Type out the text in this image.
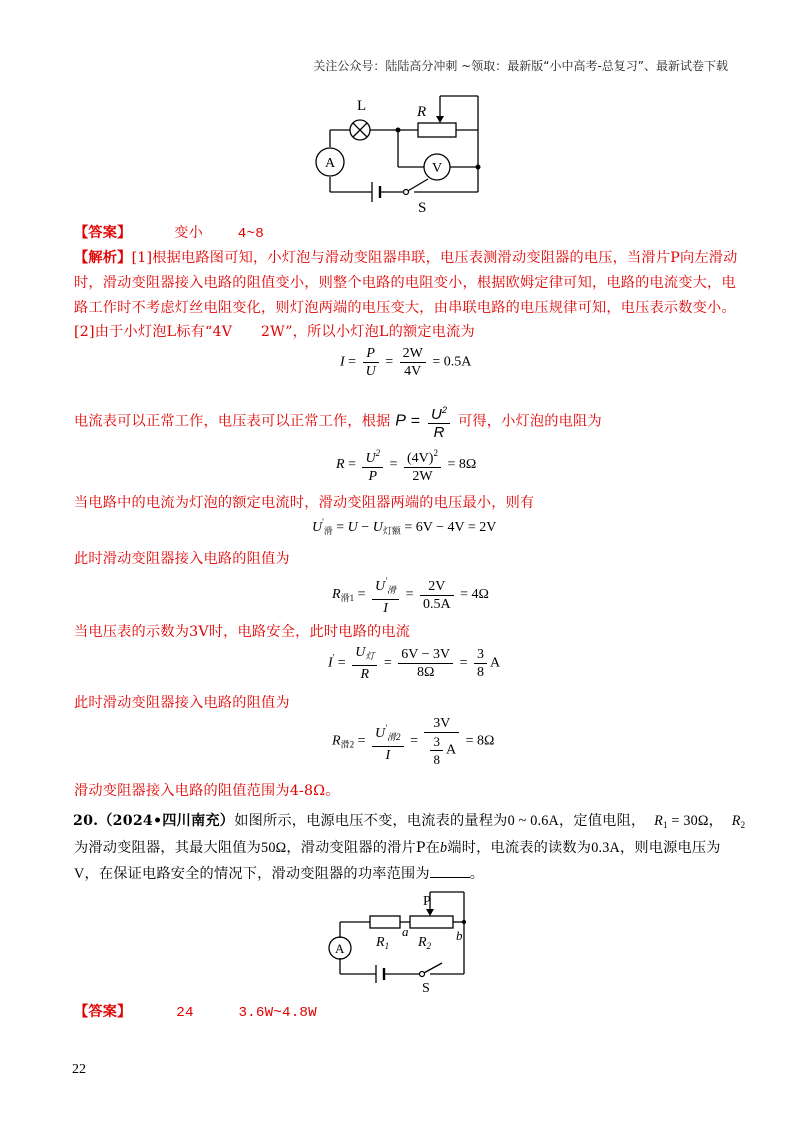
关注公众号：陆陆高分冲刺 ~领取：最新版“小中高考-总复习”、最新试卷下载
L	R
A	V
S
【答案】	变小 4~8
【解析】[1]根据电路图可知，小灯泡与滑动变阻器串联，电压表测滑动变阻器的电压，当滑片P向左滑动
时，滑动变阻器接入电路的阻值变小，则整个电路的电阻变小，根据欧姆定律可知，电路的电流变大，电
路工作时不考虑灯丝电阻变化，则灯泡两端的电压变大，由串联电路的电压规律可知，电压表示数变小。
[2]由于小灯泡L标有“4V　　2W”，所以小灯泡L的额定电流为
$I = \frac{P}{U} = \frac{2W}{4V} = 0.5A$
电流表可以正常工作，电压表可以正常工作，根据 $P = \frac{U^2}{R}$ 可得，小灯泡的电阻为
$R = \frac{U^2}{P} = \frac{(4V)^2}{2W} = 8\Omega$
当电路中的电流为灯泡的额定电流时，滑动变阻器两端的电压最小，则有
$U'_滑 = U - U_{灯额} = 6V - 4V = 2V$
此时滑动变阻器接入电路的阻值为
$R_{滑1} = \frac{U'_滑}{I} = \frac{2V}{0.5A} = 4\Omega$
当电压表的示数为3V时，电路安全，此时电路的电流
$I' = \frac{U_灯}{R} = \frac{6V - 3V}{8\Omega} = \frac{3}{8}$ A
此时滑动变阻器接入电路的阻值为
$R_{滑2} = \frac{U'_{滑2}}{I} = \frac{3V}{\frac{3}{8} A} = 8\Omega$
滑动变阻器接入电路的阻值范围为4-8Ω。
20.（2024•四川南充）如图所示，电源电压不变，电流表的量程为0 ~ 0.6A，定值电阻， $R_1 = 30\Omega$， $R_2$
为滑动变阻器，其最大阻值为50Ω，滑动变阻器的滑片P在b端时，电流表的读数为0.3A，则电源电压为
V，在保证电路安全的情况下，滑动变阻器的功率范围为	。
P
A $R_1$
a
$R_2$
b
S
【答案】	24	3.6W~4.8W
22
